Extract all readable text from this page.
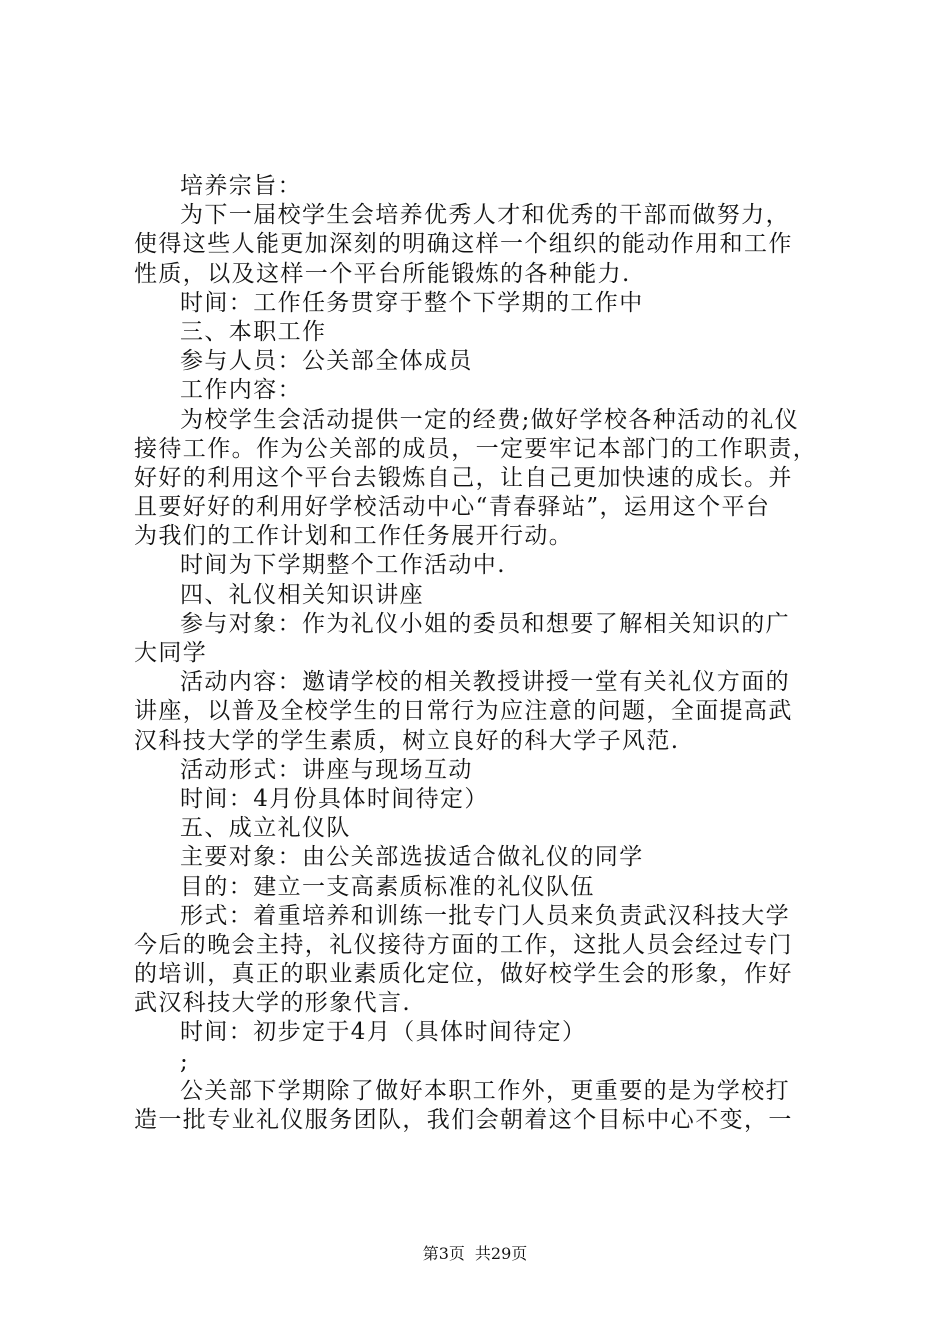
培养宗旨：
为下一届校学生会培养优秀人才和优秀的干部而做努力，
使得这些人能更加深刻的明确这样一个组织的能动作用和工作
性质，以及这样一个平台所能锻炼的各种能力.
时间：工作任务贯穿于整个下学期的工作中
三、本职工作
参与人员：公关部全体成员
工作内容：
为校学生会活动提供一定的经费;做好学校各种活动的礼仪
接待工作。作为公关部的成员，一定要牢记本部门的工作职责，
好好的利用这个平台去锻炼自己，让自己更加快速的成长。并
且要好好的利用好学校活动中心“青春驿站”，运用这个平台
为我们的工作计划和工作任务展开行动。
时间为下学期整个工作活动中.
四、礼仪相关知识讲座
参与对象：作为礼仪小姐的委员和想要了解相关知识的广
大同学
活动内容：邀请学校的相关教授讲授一堂有关礼仪方面的
讲座，以普及全校学生的日常行为应注意的问题，全面提高武
汉科技大学的学生素质，树立良好的科大学子风范.
活动形式：讲座与现场互动
时间：4月份具体时间待定）
五、成立礼仪队
主要对象：由公关部选拔适合做礼仪的同学
目的：建立一支高素质标准的礼仪队伍
形式：着重培养和训练一批专门人员来负责武汉科技大学
今后的晚会主持，礼仪接待方面的工作，这批人员会经过专门
的培训，真正的职业素质化定位，做好校学生会的形象，作好
武汉科技大学的形象代言.
时间：初步定于4月（具体时间待定）
;
公关部下学期除了做好本职工作外，更重要的是为学校打
造一批专业礼仪服务团队，我们会朝着这个目标中心不变，一
第3页 共29页
